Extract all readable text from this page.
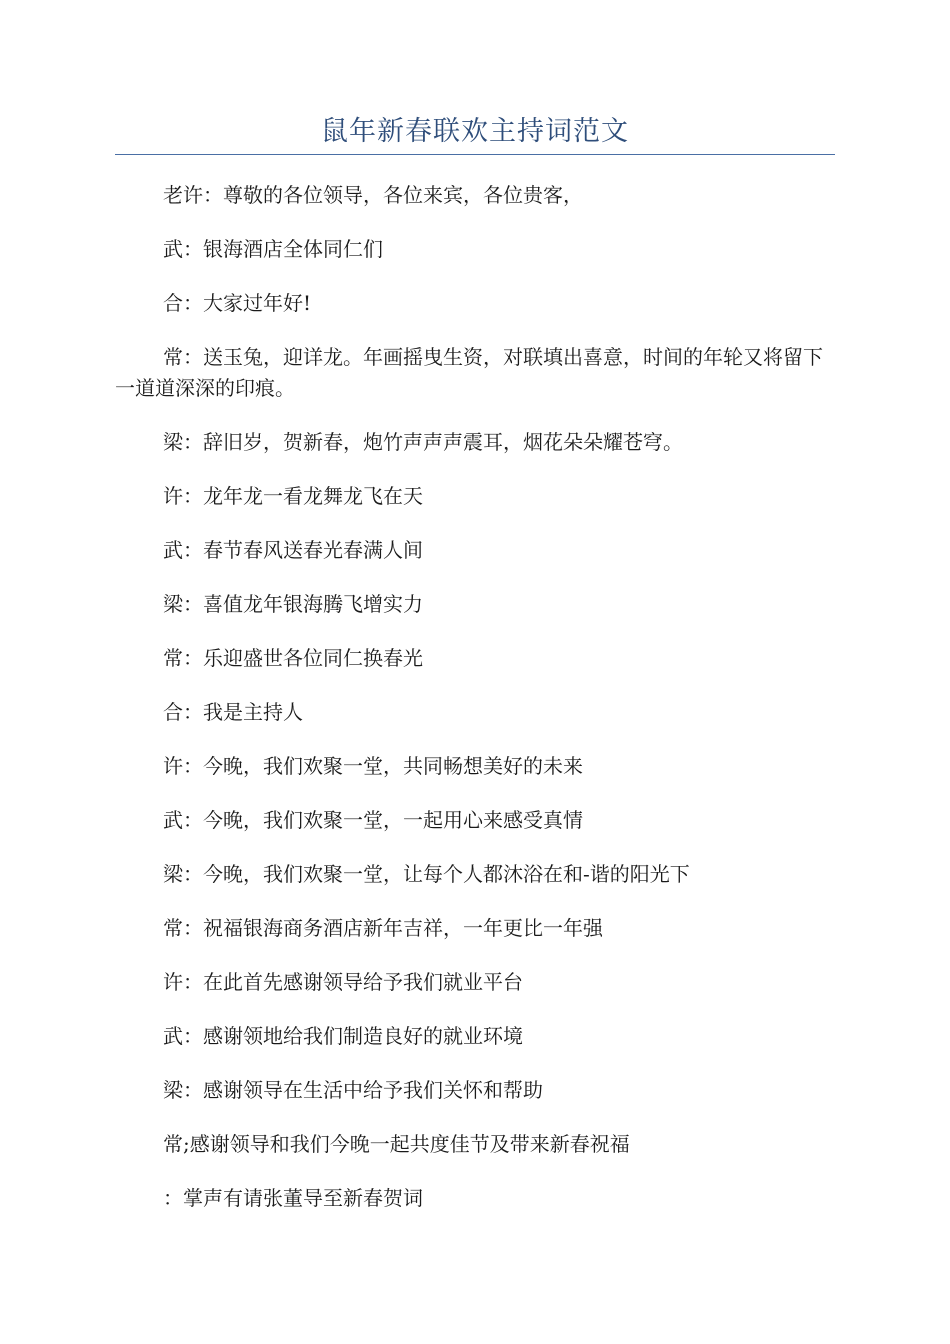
鼠年新春联欢主持词范文

老许：尊敬的各位领导，各位来宾，各位贵客，

武：银海酒店全体同仁们

合：大家过年好!

常：送玉兔，迎详龙。年画摇曳生资，对联填出喜意，时间的年轮又将留下一道道深深的印痕。

梁：辞旧岁，贺新春，炮竹声声声震耳，烟花朵朵耀苍穹。

许：龙年龙一看龙舞龙飞在天

武：春节春风送春光春满人间

梁：喜值龙年银海腾飞增实力

常：乐迎盛世各位同仁换春光

合：我是主持人

许：今晚，我们欢聚一堂，共同畅想美好的未来

武：今晚，我们欢聚一堂，一起用心来感受真情

梁：今晚，我们欢聚一堂，让每个人都沐浴在和-谐的阳光下

常：祝福银海商务酒店新年吉祥，一年更比一年强

许：在此首先感谢领导给予我们就业平台

武：感谢领地给我们制造良好的就业环境

梁：感谢领导在生活中给予我们关怀和帮助

常;感谢领导和我们今晚一起共度佳节及带来新春祝福

：掌声有请张董导至新春贺词
